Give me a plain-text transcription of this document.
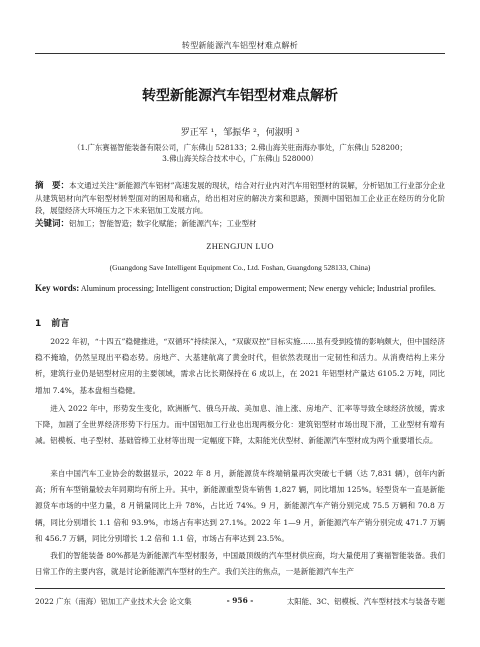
转型新能源汽车铝型材难点解析
转型新能源汽车铝型材难点解析
罗正军 ¹，邹振华 ²，何淑明 ³
（1.广东赛福智能装备有限公司，广东佛山 528133；2.佛山海关驻南海办事处，广东佛山 528200；
3.佛山海关综合技术中心，广东佛山 528000）
摘　要：本文通过关注“新能源汽车铝材”高速发展的现状，结合对行业内对汽车用铝型材的误解，分析铝加工行业部分企业从建筑铝材向汽车铝型材转型面对的困局和痛点，给出相对应的解决方案和思路，预测中国铝加工企业正在经历的分化阶段，展望经济大环境压力之下未来铝加工发展方向。
关键词：铝加工；智能智造；数字化赋能；新能源汽车；工业型材
ZHENGJUN LUO
(Guangdong Save Intelligent Equipment Co., Ltd. Foshan, Guangdong 528133, China)
Key words: Aluminum processing; Intelligent construction; Digital empowerment; New energy vehicle; Industrial profiles.
1 前言
2022 年初，“十四五”稳健推进，“双循环”持续深入，“双碳双控”目标实施……虽有受到疫情的影响颇大，但中国经济稳不掩瑜，仍然呈现出平稳态势。房地产、大基建航离了黄金时代，但依然表现出一定韧性和活力。从消费结构上来分析，建筑行业仍是铝型材应用的主要领域，需求占比长期保持在 6 成以上，在 2021 年铝型材产量达 6105.2 万吨，同比增加 7.4%，基本盘相当稳健。
进入 2022 年中，形势发生变化，欧洲断气、俄乌开战、美加息、油上涨、房地产、汇率等导致全球经济放缓，需求下降，加剧了全世界经济形势下行压力。而中国铝加工行业也出现两极分化：建筑铝型材市场出现下滑，工业型材有增有减。铝模板、电子型材、基础管棒工业材等出现一定幅度下降，太阳能光伏型材、新能源汽车型材成为两个重要增长点。
来自中国汽车工业协会的数据显示，2022 年 8 月，新能源货车终端销量再次突破七千辆（达 7,831 辆），创年内新高；所有车型销量较去年同期均有所上升。其中，新能源重型货车销售 1,827 辆，同比增加 125%。轻型货车一直是新能源货车市场的中坚力量，8 月销量同比上升 78%，占比近 74%。9 月，新能源汽车产销分别完成 75.5 万辆和 70.8 万辆，同比分别增长 1.1 倍和 93.9%，市场占有率达到 27.1%。2022 年 1—9 月，新能源汽车产销分别完成 471.7 万辆和 456.7 万辆，同比分别增长 1.2 倍和 1.1 倍，市场占有率达到 23.5%。
我们的智能装备 80%都是为新能源汽车型材服务，中国最顶级的汽车型材供应商，均大量使用了赛福智能装备。我们日常工作的主要内容，就是讨论新能源汽车型材的生产。我们关注的焦点，一是新能源汽车生产
2022 广东（南海）铝加工产业技术大会 论文集	- 956 -	太阳能、3C、铝模板、汽车型材技术与装备专题
